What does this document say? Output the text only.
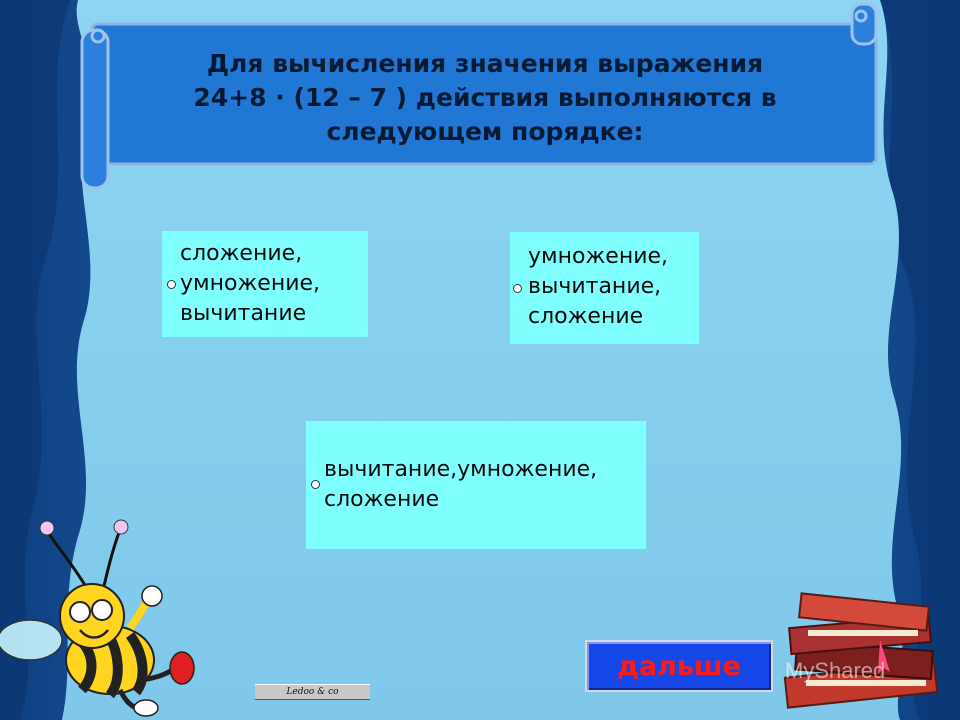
Для вычисления значения выражения
24+8 · (12 – 7 ) действия выполняются в
следующем порядке:
сложение,
умножение,
вычитание
умножение,
вычитание,
сложение
вычитание,умножение,
сложение
дальше
Ledoo & co
MyShared
